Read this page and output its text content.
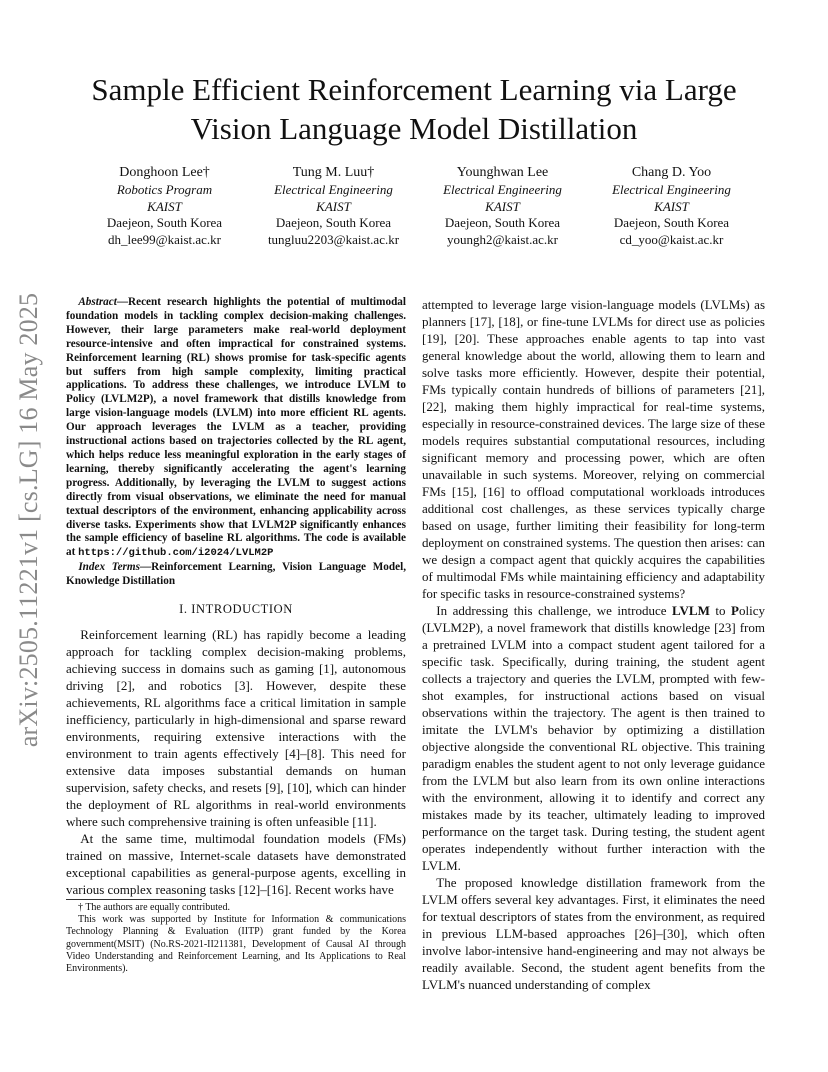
arXiv:2505.11221v1 [cs.LG] 16 May 2025
Sample Efficient Reinforcement Learning via Large Vision Language Model Distillation
Donghoon Lee†
Robotics Program
KAIST
Daejeon, South Korea
dh_lee99@kaist.ac.kr
Tung M. Luu†
Electrical Engineering
KAIST
Daejeon, South Korea
tungluu2203@kaist.ac.kr
Younghwan Lee
Electrical Engineering
KAIST
Daejeon, South Korea
youngh2@kaist.ac.kr
Chang D. Yoo
Electrical Engineering
KAIST
Daejeon, South Korea
cd_yoo@kaist.ac.kr

Abstract—Recent research highlights the potential of multimodal foundation models in tackling complex decision-making challenges. However, their large parameters make real-world deployment resource-intensive and often impractical for constrained systems. Reinforcement learning (RL) shows promise for task-specific agents but suffers from high sample complexity, limiting practical applications. To address these challenges, we introduce LVLM to Policy (LVLM2P), a novel framework that distills knowledge from large vision-language models (LVLM) into more efficient RL agents. Our approach leverages the LVLM as a teacher, providing instructional actions based on trajectories collected by the RL agent, which helps reduce less meaningful exploration in the early stages of learning, thereby significantly accelerating the agent's learning progress. Additionally, by leveraging the LVLM to suggest actions directly from visual observations, we eliminate the need for manual textual descriptors of the environment, enhancing applicability across diverse tasks. Experiments show that LVLM2P significantly enhances the sample efficiency of baseline RL algorithms. The code is available at https://github.com/i2024/LVLM2P

Index Terms—Reinforcement Learning, Vision Language Model, Knowledge Distillation

I. INTRODUCTION

Reinforcement learning (RL) has rapidly become a leading approach for tackling complex decision-making problems, achieving success in domains such as gaming [1], autonomous driving [2], and robotics [3]. However, despite these achievements, RL algorithms face a critical limitation in sample inefficiency, particularly in high-dimensional and sparse reward environments, requiring extensive interactions with the environment to train agents effectively [4]–[8]. This need for extensive data imposes substantial demands on human supervision, safety checks, and resets [9], [10], which can hinder the deployment of RL algorithms in real-world environments where such comprehensive training is often unfeasible [11].

At the same time, multimodal foundation models (FMs) trained on massive, Internet-scale datasets have demonstrated exceptional capabilities as general-purpose agents, excelling in various complex reasoning tasks [12]–[16]. Recent works have

† The authors are equally contributed.

This work was supported by Institute for Information & communications Technology Planning & Evaluation (IITP) grant funded by the Korea government(MSIT) (No.RS-2021-II211381, Development of Causal AI through Video Understanding and Reinforcement Learning, and Its Applications to Real Environments).

attempted to leverage large vision-language models (LVLMs) as planners [17], [18], or fine-tune LVLMs for direct use as policies [19], [20]. These approaches enable agents to tap into vast general knowledge about the world, allowing them to learn and solve tasks more efficiently. However, despite their potential, FMs typically contain hundreds of billions of parameters [21], [22], making them highly impractical for real-time systems, especially in resource-constrained devices. The large size of these models requires substantial computational resources, including significant memory and processing power, which are often unavailable in such systems. Moreover, relying on commercial FMs [15], [16] to offload computational workloads introduces additional cost challenges, as these services typically charge based on usage, further limiting their feasibility for long-term deployment on constrained systems. The question then arises: can we design a compact agent that quickly acquires the capabilities of multimodal FMs while maintaining efficiency and adaptability for specific tasks in resource-constrained systems?

In addressing this challenge, we introduce LVLM to Policy (LVLM2P), a novel framework that distills knowledge [23] from a pretrained LVLM into a compact student agent tailored for a specific task. Specifically, during training, the student agent collects a trajectory and queries the LVLM, prompted with few-shot examples, for instructional actions based on visual observations within the trajectory. The agent is then trained to imitate the LVLM's behavior by optimizing a distillation objective alongside the conventional RL objective. This training paradigm enables the student agent to not only leverage guidance from the LVLM but also learn from its own online interactions with the environment, allowing it to identify and correct any mistakes made by its teacher, ultimately leading to improved performance on the target task. During testing, the student agent operates independently without further interaction with the LVLM.

The proposed knowledge distillation framework from the LVLM offers several key advantages. First, it eliminates the need for textual descriptors of states from the environment, as required in previous LLM-based approaches [26]–[30], which often involve labor-intensive hand-engineering and may not always be readily available. Second, the student agent benefits from the LVLM's nuanced understanding of complex
